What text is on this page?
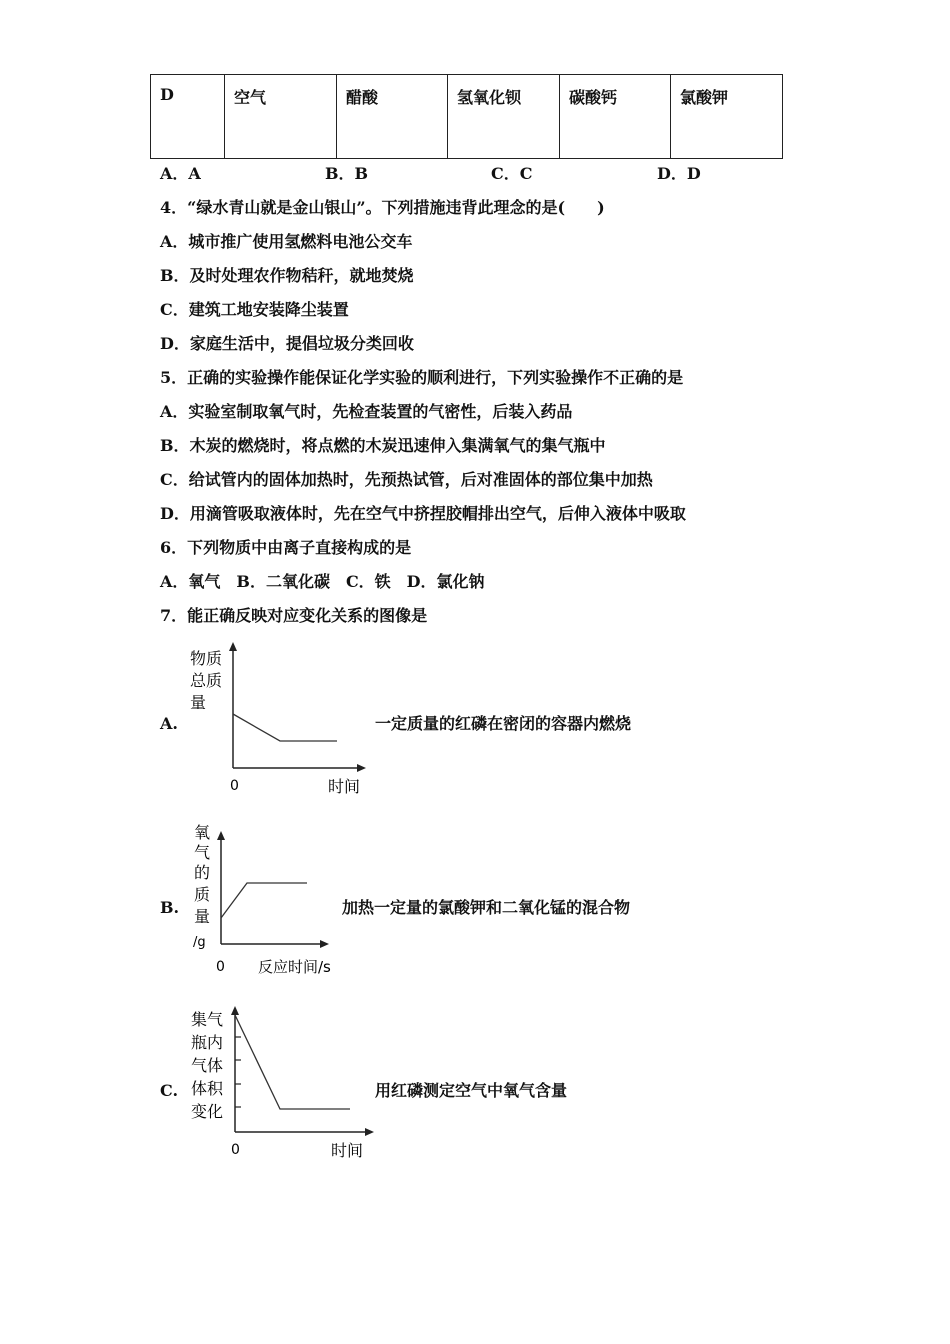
D	空气	醋酸	氢氧化钡	碳酸钙	氯酸钾
A．A	B．B	C．C	D．D
4．“绿水青山就是金山银山”。下列措施违背此理念的是(　　)
A．城市推广使用氢燃料电池公交车
B．及时处理农作物秸秆，就地焚烧
C．建筑工地安装降尘装置
D．家庭生活中，提倡垃圾分类回收
5．正确的实验操作能保证化学实验的顺利进行，下列实验操作不正确的是
A．实验室制取氧气时，先检查装置的气密性，后装入药品
B．木炭的燃烧时，将点燃的木炭迅速伸入集满氧气的集气瓶中
C．给试管内的固体加热时，先预热试管，后对准固体的部位集中加热
D．用滴管吸取液体时，先在空气中挤捏胶帽排出空气，后伸入液体中吸取
6．下列物质中由离子直接构成的是
A．氧气　B．二氧化碳　C．铁　D．氯化钠
7．能正确反映对应变化关系的图像是
A.
物质
总质
量
0	时间
一定质量的红磷在密闭的容器内燃烧
B.
氧
气
的
质
量
/g
0 反应时间/s
加热一定量的氯酸钾和二氧化锰的混合物
C.
集气
瓶内
气体
体积
变化
0	时间
用红磷测定空气中氧气含量
